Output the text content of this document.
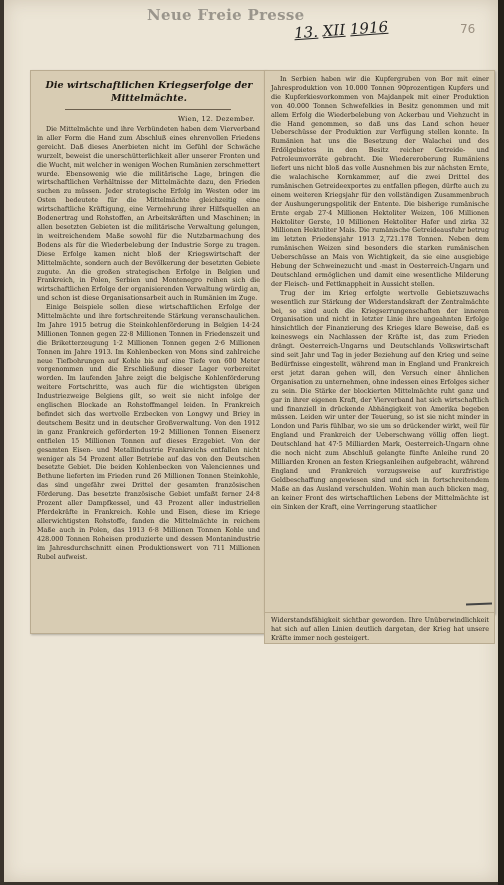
Neue Freie Presse
13. XII 1916	76
Die wirtschaftlichen Kriegserfolge der Mittelmächte.
Wien, 12. Dezember.

Die Mittelmächte und ihre Verbündeten haben dem Vierverband in aller Form die Hand zum Abschluß eines ehrenvollen Friedens gereicht. Daß dieses Anerbieten nicht im Gefühl der Schwäche wurzelt, beweist die unerschütterlichkeit aller unserer Fronten und die Wucht, mit welcher in wenigen Wochen Rumänien zerschmettert wurde. Ebensowenig wie die militärische Lage, bringen die wirtschaftlichen Verhältnisse der Mittelmächte dazu, den Frieden suchen zu müssen. Jeder strategische Erfolg im Westen oder im Osten bedeutete für die Mittelmächte gleichzeitig eine wirtschaftliche Kräftigung, eine Vermehrung ihrer Hilfsquellen an Bodenertrag und Rohstoffen, an Arbeitskräften und Maschinen; in allen besetzten Gebieten ist die militärische Verwaltung gelungen, in weitreichendem Maße sowohl für die Nutzbarmachung des Bodens als für die Wiederbelebung der Industrie Sorge zu tragen. Diese Erfolge kamen nicht bloß der Kriegswirtschaft der Mittelmächte, sondern auch der Bevölkerung der besetzten Gebiete zugute. An die großen strategischen Erfolge in Belgien und Frankreich, in Polen, Serbien und Montenegro reihen sich die wirtschaftlichen Erfolge der organisierenden Verwaltung würdig an, und schon ist diese Organisationsarbeit auch in Rumänien im Zuge.

Einige Beispiele sollen diese wirtschaftlichen Erfolge der Mittelmächte und ihre fortschreitende Stärkung veranschaulichen. Im Jahre 1915 betrug die Steinkohlenförderung in Belgien 14·24 Millionen Tonnen gegen 22·8 Millionen Tonnen in Friedenszeit und die Briketterzeugung 1·2 Millionen Tonnen gegen 2·6 Millionen Tonnen im Jahre 1913. Im Kohlenbecken von Mons sind zahlreiche neue Tiefbohrungen auf Kohle bis auf eine Tiefe von 600 Meter vorgenommen und die Erschließung dieser Lager vorbereitet worden. Im laufenden Jahre zeigt die belgische Kohlenförderung weitere Fortschritte, was auch für die wichtigsten übrigen Industriezweige Belgiens gilt, so weit sie nicht infolge der englischen Blockade an Rohstoffmangel leiden. In Frankreich befindet sich das wertvolle Erzbecken von Longwy und Briey in deutschem Besitz und in deutscher Großverwaltung. Von den 1912 in ganz Frankreich geförderten 19·2 Millionen Tonnen Eisenerz entfielen 15 Millionen Tonnen auf dieses Erzgebiet. Von der gesamten Eisen- und Metallindustrie Frankreichs entfallen nicht weniger als 54 Prozent aller Betriebe auf das von den Deutschen besetzte Gebiet. Die beiden Kohlenbecken von Valenciennes und Bethune lieferten im Frieden rund 26 Millionen Tonnen Steinkohle, das sind ungefähr zwei Drittel der gesamten französischen Förderung. Das besetzte französische Gebiet umfaßt ferner 24·8 Prozent aller Dampfkessel, und 43 Prozent aller industriellen Pferdekräfte in Frankreich. Kohle und Eisen, diese im Kriege allerwichtigsten Rohstoffe, fanden die Mittelmächte in reichem Maße auch in Polen, das 1913 6·8 Millionen Tonnen Kohle und 428.000 Tonnen Roheisen produzierte und dessen Montanindustrie im Jahresdurchschnitt einen Produktionswert von 711 Millionen Rubel aufweist.

In Serbien haben wir die Kupfergruben von Bor mit einer Jahresproduktion von 10.000 Tonnen 90prozentigen Kupfers und die Kupferkiesvorkommen von Majdanpek mit einer Produktion von 40.000 Tonnen Schwefelkies in Besitz genommen und mit allem Erfolg die Wiederbelebung von Ackerbau und Viehzucht in die Hand genommen, so daß uns das Land schon heuer Ueberschüsse der Produktion zur Verfügung stellen konnte. In Rumänien hat uns die Besetzung der Walachei und des Erdölgebietes in den Besitz reicher Getreide- und Petroleumvorräte gebracht. Die Wiedereroberung Rumäniens liefert uns nicht bloß das volle Ausnehmen bis zur nächsten Ernte, die walachische Kornkammer, auf die zwei Drittel des rumänischen Getreideexportes zu entfallen pflegen, dürfte auch zu einem weiteren Kriegsjahr für den vollständigen Zusammenbruch der Aushungerungspolitik der Entente. Die bisherige rumänische Ernte ergab 27·4 Millionen Hektoliter Weizen, 106 Millionen Hektoliter Gerste, 10 Millionen Hektoliter Hafer und zirka 32 Millionen Hektoliter Mais. Die rumänische Getreideausfuhr betrug im letzten Friedensjahr 1913 2,721.178 Tonnen. Neben dem rumänischen Weizen sind besonders die starken rumänischen Ueberschüsse an Mais von Wichtigkeit, da sie eine ausgiebige Hebung der Schweinezucht und -mast in Oesterreich-Ungarn und Deutschland ermöglichen und damit eine wesentliche Milderung der Fleisch- und Fettknappheit in Aussicht stellen.

Trug der im Krieg erfolgte wertvolle Gebietszuwachs wesentlich zur Stärkung der Widerstandskraft der Zentralmächte bei, so sind auch die Kriegserrungenschaften der inneren Organisation und nicht in letzter Linie ihre ungeahnten Erfolge hinsichtlich der Finanzierung des Krieges klare Beweise, daß es keineswegs ein Nachlassen der Kräfte ist, das zum Frieden drängt. Oesterreich-Ungarns und Deutschlands Volkswirtschaft sind seit Jahr und Tag in jeder Beziehung auf den Krieg und seine Bedürfnisse eingestellt, während man in England und Frankreich erst jetzt daran gehen will, den Versuch einer ähnlichen Organisation zu unternehmen, ohne indessen eines Erfolges sicher zu sein. Die Stärke der blockierten Mittelmächte ruht ganz und gar in ihrer eigenen Kraft, der Vierverband hat sich wirtschaftlich und finanziell in drückende Abhängigkeit von Amerika begeben müssen. Leiden wir unter der Teuerung, so ist sie nicht minder in London und Paris fühlbar, wo sie um so drückender wirkt, weil für England und Frankreich der Ueberschwang völlig offen liegt. Deutschland hat 47·5 Milliarden Mark, Oesterreich-Ungarn ohne die noch nicht zum Abschluß gelangte fünfte Anleihe rund 20 Milliarden Kronen an festen Kriegsanleihen aufgebracht, während England und Frankreich vorzugsweise auf kurzfristige Geldbeschaffung angewiesen sind und sich in fortschreitendem Maße an das Ausland verschulden. Wohin man auch blicken mag, an keiner Front des wirtschaftlichen Lebens der Mittelmächte ist ein Sinken der Kraft, eine Verringerung staatlicher

Widerstandsfähigkeit sichtbar geworden. Ihre Unüberwindlichkeit hat sich auf allen Linien deutlich dargetan, der Krieg hat unsere Kräfte immer noch gesteigert.
